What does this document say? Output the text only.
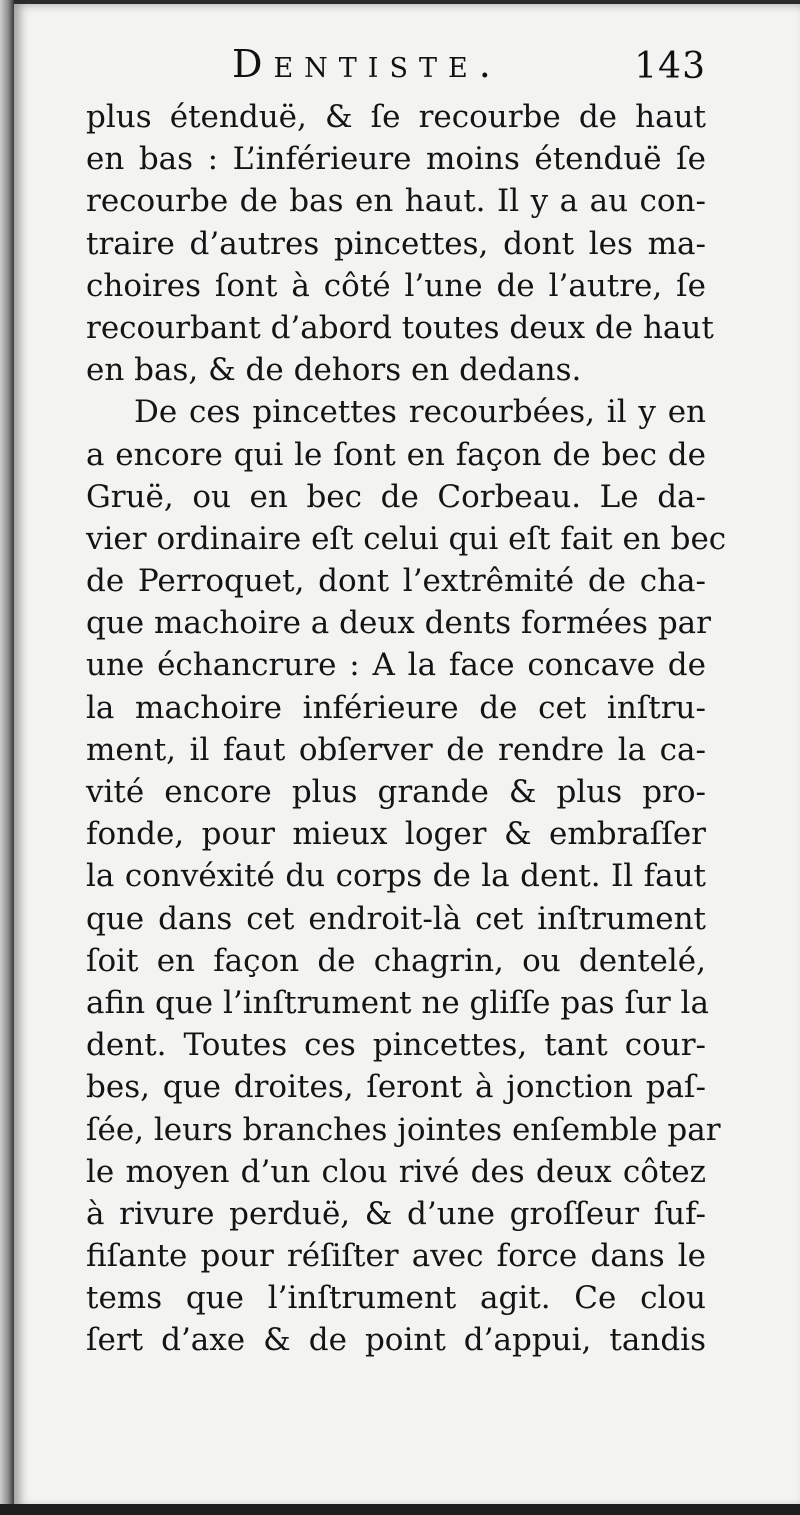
Dentiste.	143
plus étenduë, & ſe recourbe de haut
en bas : L’inférieure moins étenduë ſe
recourbe de bas en haut. Il y a au con-
traire d’autres pincettes, dont les ma-
choires ſont à côté l’une de l’autre, ſe
recourbant d’abord toutes deux de haut
en bas, & de dehors en dedans.
De ces pincettes recourbées, il y en
a encore qui le ſont en façon de bec de
Gruë, ou en bec de Corbeau. Le da-
vier ordinaire eſt celui qui eſt fait en bec
de Perroquet, dont l’extrêmité de cha-
que machoire a deux dents formées par
une échancrure : A la face concave de
la machoire inférieure de cet inſtru-
ment, il faut obſerver de rendre la ca-
vité encore plus grande & plus pro-
fonde, pour mieux loger & embraſſer
la convéxité du corps de la dent. Il faut
que dans cet endroit-là cet inſtrument
ſoit en façon de chagrin, ou dentelé,
afin que l’inſtrument ne gliſſe pas ſur la
dent. Toutes ces pincettes, tant cour-
bes, que droites, ſeront à jonction paſ-
ſée, leurs branches jointes enſemble par
le moyen d’un clou rivé des deux côtez
à rivure perduë, & d’une groſſeur ſuf-
fiſante pour réſiſter avec force dans le
tems que l’inſtrument agit. Ce clou
ſert d’axe & de point d’appui, tandis
